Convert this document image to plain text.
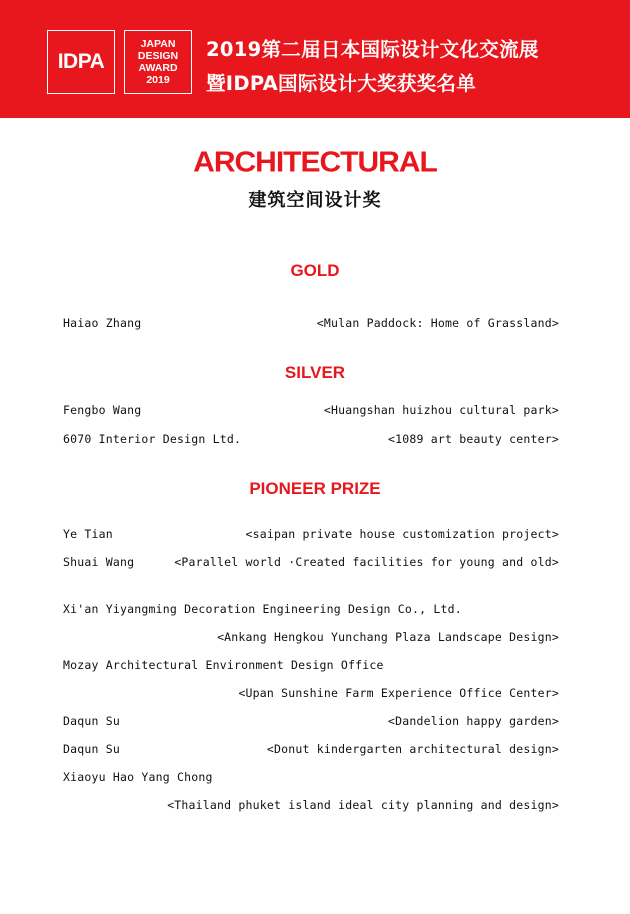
IDPA
JAPAN
DESIGN
AWARD
2019
2019第二届日本国际设计文化交流展
暨IDPA国际设计大奖获奖名单
ARCHITECTURAL
建筑空间设计奖
GOLD
Haiao Zhang	<Mulan Paddock: Home of Grassland>
SILVER
Fengbo Wang	<Huangshan huizhou cultural park>
6070 Interior Design Ltd.	<1089 art beauty center>
PIONEER PRIZE
Ye Tian	<saipan private house customization project>
Shuai Wang	<Parallel world ·Created facilities for young and old>
Xi'an Yiyangming Decoration Engineering Design Co., Ltd.
<Ankang Hengkou Yunchang Plaza Landscape Design>
Mozay Architectural Environment Design Office
<Upan Sunshine Farm Experience Office Center>
Daqun Su	<Dandelion happy garden>
Daqun Su	<Donut kindergarten architectural design>
Xiaoyu Hao Yang Chong
<Thailand phuket island ideal city planning and design>
